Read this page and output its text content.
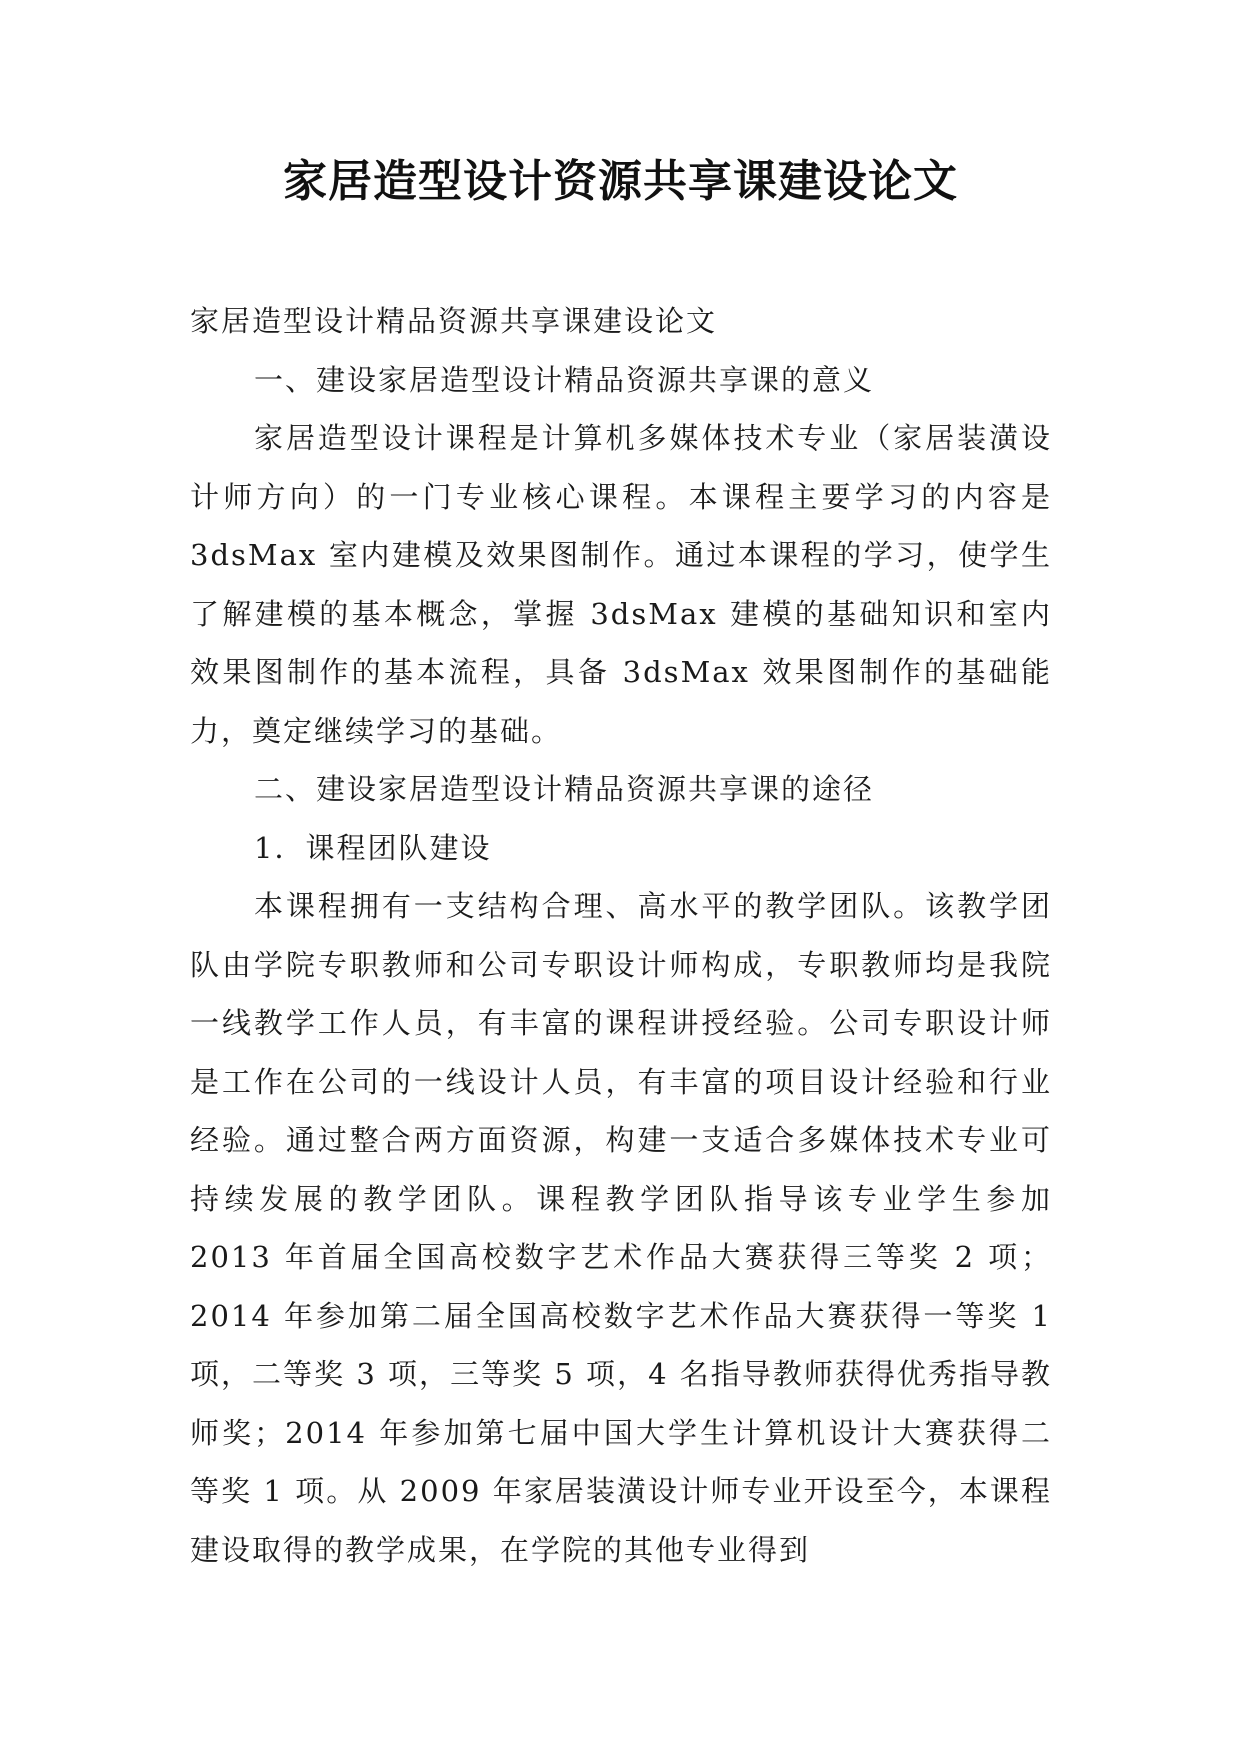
家居造型设计资源共享课建设论文

家居造型设计精品资源共享课建设论文

一、建设家居造型设计精品资源共享课的意义

家居造型设计课程是计算机多媒体技术专业（家居装潢设计师方向）的一门专业核心课程。本课程主要学习的内容是 3dsMax 室内建模及效果图制作。通过本课程的学习，使学生了解建模的基本概念，掌握 3dsMax 建模的基础知识和室内效果图制作的基本流程，具备 3dsMax 效果图制作的基础能力，奠定继续学习的基础。

二、建设家居造型设计精品资源共享课的途径

1．课程团队建设

本课程拥有一支结构合理、高水平的教学团队。该教学团队由学院专职教师和公司专职设计师构成，专职教师均是我院一线教学工作人员，有丰富的课程讲授经验。公司专职设计师是工作在公司的一线设计人员，有丰富的项目设计经验和行业经验。通过整合两方面资源，构建一支适合多媒体技术专业可持续发展的教学团队。课程教学团队指导该专业学生参加 2013 年首届全国高校数字艺术作品大赛获得三等奖 2 项；2014 年参加第二届全国高校数字艺术作品大赛获得一等奖 1 项，二等奖 3 项，三等奖 5 项，4 名指导教师获得优秀指导教师奖；2014 年参加第七届中国大学生计算机设计大赛获得二等奖 1 项。从 2009 年家居装潢设计师专业开设至今，本课程建设取得的教学成果，在学院的其他专业得到
